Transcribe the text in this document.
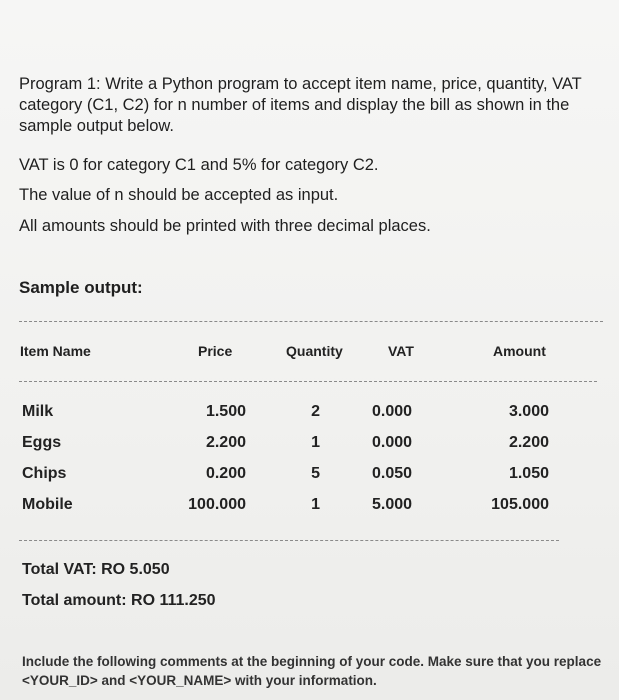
Program 1: Write a Python program to accept item name, price, quantity, VAT category (C1, C2) for n number of items and display the bill as shown in the sample output below.
VAT is 0 for category C1 and 5% for category C2.
The value of n should be accepted as input.
All amounts should be printed with three decimal places.
Sample output:
Item Name	Price	Quantity	VAT	Amount
Milk	1.500	2	0.000	3.000
Eggs	2.200	1	0.000	2.200
Chips	0.200	5	0.050	1.050
Mobile	100.000	1	5.000	105.000
Total VAT: RO 5.050
Total amount: RO 111.250
Include the following comments at the beginning of your code. Make sure that you replace <YOUR_ID> and <YOUR_NAME> with your information.
